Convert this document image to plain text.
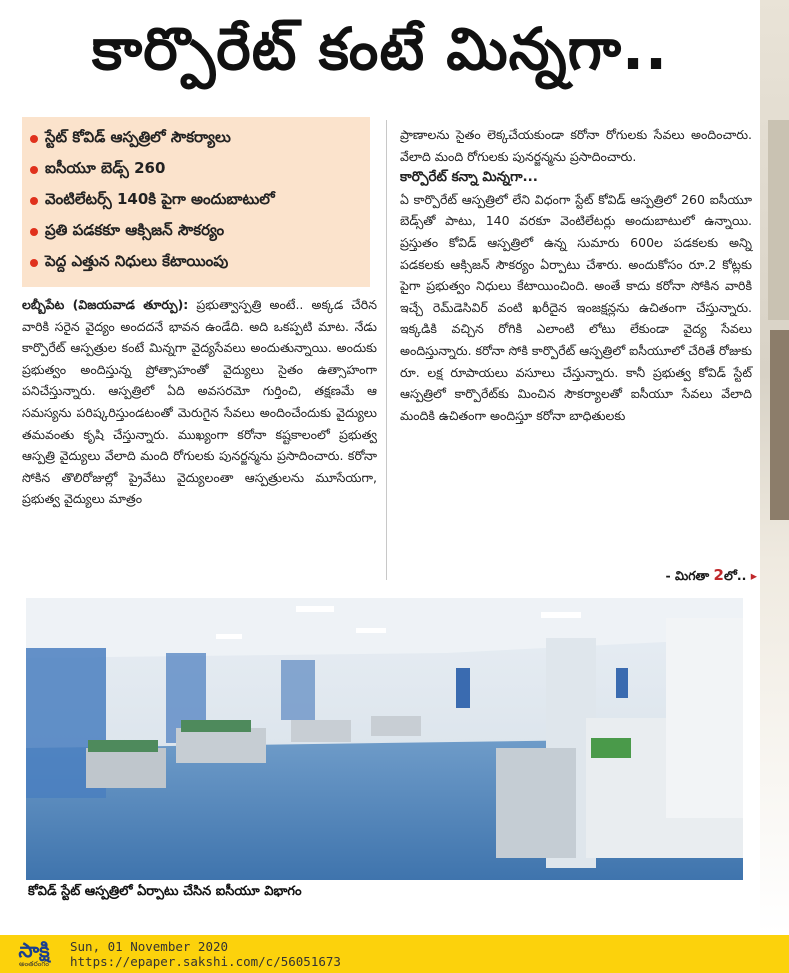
కార్పొరేట్ కంటే మిన్నగా..
స్టేట్ కోవిడ్ ఆస్పత్రిలో సౌకర్యాలు
ఐసీయూ బెడ్స్ 260
వెంటిలేటర్స్ 140కి పైగా అందుబాటులో
ప్రతి పడకకూ ఆక్సిజన్ సౌకర్యం
పెద్ద ఎత్తున నిధులు కేటాయింపు
లబ్బీపేట (విజయవాడ తూర్పు): ప్రభుత్వాస్పత్రి అంటే.. అక్కడ చేరిన వారికి సరైన వైద్యం అందదనే భావన ఉండేది. అది ఒకప్పటి మాట. నేడు కార్పొరేట్ ఆస్పత్రుల కంటే మిన్నగా వైద్యసేవలు అందుతున్నాయి. అందుకు ప్రభుత్వం అందిస్తున్న ప్రోత్సాహంతో వైద్యులు సైతం ఉత్సాహంగా పనిచేస్తున్నారు. ఆస్పత్రిలో ఏది అవసరమో గుర్తించి, తక్షణమే ఆ సమస్యను పరిష్కరిస్తుండటంతో మెరుగైన సేవలు అందించేందుకు వైద్యులు తమవంతు కృషి చేస్తున్నారు. ముఖ్యంగా కరోనా కష్టకాలంలో ప్రభుత్వ ఆస్పత్రి వైద్యులు వేలాది మంది రోగులకు పునర్జన్మను ప్రసాదించారు. కరోనా సోకిన తొలిరోజుల్లో ప్రైవేటు వైద్యులంతా ఆస్పత్రులను మూసేయగా, ప్రభుత్వ వైద్యులు మాత్రం
ప్రాణాలను సైతం లెక్కచేయకుండా కరోనా రోగులకు సేవలు అందించారు. వేలాది మంది రోగులకు పునర్జన్మను ప్రసాదించారు.
కార్పొరేట్ కన్నా మిన్నగా...
ఏ కార్పొరేట్ ఆస్పత్రిలో లేని విధంగా స్టేట్ కోవిడ్ ఆస్పత్రిలో 260 ఐసీయూ బెడ్స్‌తో పాటు, 140 వరకూ వెంటిలేటర్లు అందుబాటులో ఉన్నాయి. ప్రస్తుతం కోవిడ్ ఆస్పత్రిలో ఉన్న సుమారు 600ల పడకలకు అన్ని పడకలకు ఆక్సిజన్ సౌకర్యం ఏర్పాటు చేశారు. అందుకోసం రూ.2 కోట్లకు పైగా ప్రభుత్వం నిధులు కేటాయించింది. అంతే కాదు కరోనా సోకిన వారికి ఇచ్చే రెమ్‌డెసివిర్ వంటి ఖరీదైన ఇంజక్షన్లను ఉచితంగా చేస్తున్నారు. ఇక్కడికి వచ్చిన రోగికి ఎలాంటి లోటు లేకుండా వైద్య సేవలు అందిస్తున్నారు. కరోనా సోకి కార్పొరేట్ ఆస్పత్రిలో ఐసీయూలో చేరితే రోజుకు రూ. లక్ష రూపాయలు వసూలు చేస్తున్నారు. కానీ ప్రభుత్వ కోవిడ్ స్టేట్ ఆస్పత్రిలో కార్పొరేట్‌కు మించిన సౌకర్యాలతో ఐసీయూ సేవలు వేలాది మందికి ఉచితంగా అందిస్తూ కరోనా బాధితులకు
- మిగతా 2లో.. ▸
కోవిడ్ స్టేట్ ఆస్పత్రిలో ఏర్పాటు చేసిన ఐసీయూ విభాగం
సాక్షి
అంతరంగం
Sun, 01 November 2020
https://epaper.sakshi.com/c/56051673
